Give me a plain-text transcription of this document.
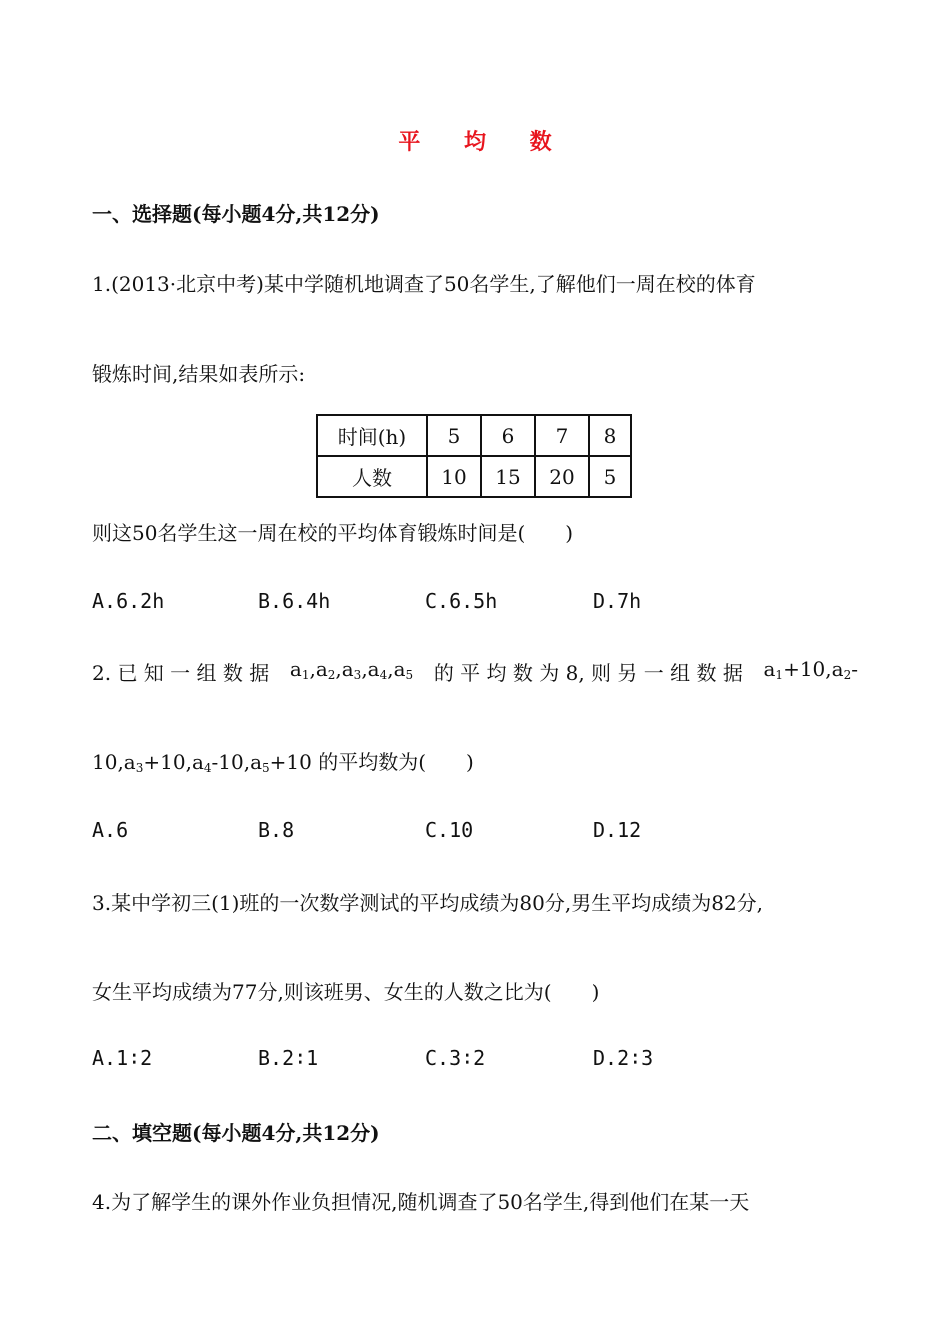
平 均 数
一、选择题(每小题4分,共12分)
1.(2013·北京中考)某中学随机地调查了50名学生,了解他们一周在校的体育
锻炼时间,结果如表所示:
时间(h)	5	6	7	8
人数	10	15	20	5
则这50名学生这一周在校的平均体育锻炼时间是( )
A.6.2h	B.6.4h	C.6.5h	D.7h
2. 已 知 一 组 数 据 $a_1,a_2,a_3,a_4,a_5$ 的 平 均 数 为 8, 则 另 一 组 数 据 $a_1+10,a_2-$
$10,a_3+10,a_4-10,a_5+10$ 的平均数为( )
A.6	B.8	C.10	D.12
3.某中学初三(1)班的一次数学测试的平均成绩为80分,男生平均成绩为82分,
女生平均成绩为77分,则该班男、女生的人数之比为( )
A.1∶2	B.2∶1	C.3∶2	D.2∶3
二、填空题(每小题4分,共12分)
4.为了解学生的课外作业负担情况,随机调查了50名学生,得到他们在某一天
